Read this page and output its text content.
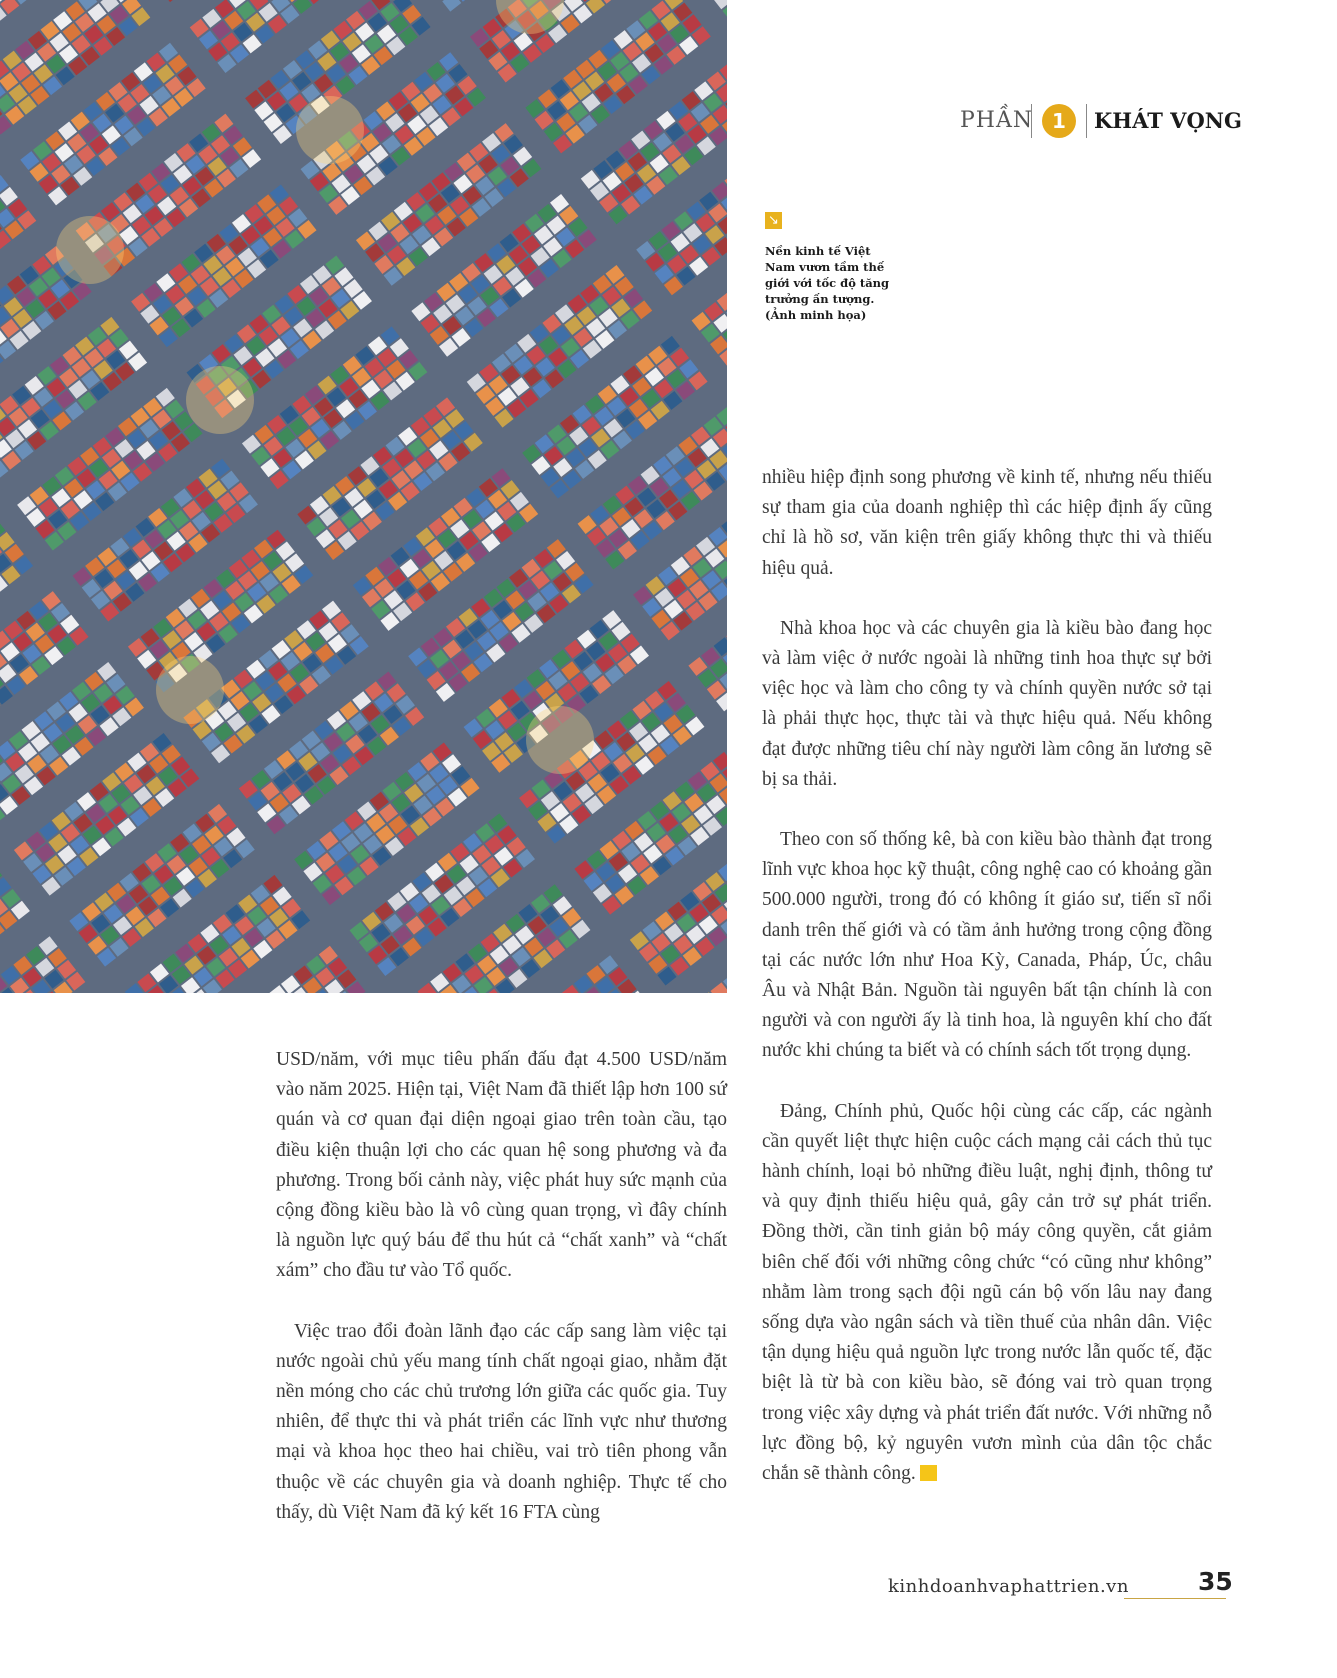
PHẦN 1	KHÁT VỌNG
↘
Nền kinh tế Việt Nam vươn tầm thế giới với tốc độ tăng trưởng ấn tượng. (Ảnh minh họa)

USD/năm, với mục tiêu phấn đấu đạt 4.500 USD/năm vào năm 2025. Hiện tại, Việt Nam đã thiết lập hơn 100 sứ quán và cơ quan đại diện ngoại giao trên toàn cầu, tạo điều kiện thuận lợi cho các quan hệ song phương và đa phương. Trong bối cảnh này, việc phát huy sức mạnh của cộng đồng kiều bào là vô cùng quan trọng, vì đây chính là nguồn lực quý báu để thu hút cả “chất xanh” và “chất xám” cho đầu tư vào Tổ quốc.

Việc trao đổi đoàn lãnh đạo các cấp sang làm việc tại nước ngoài chủ yếu mang tính chất ngoại giao, nhằm đặt nền móng cho các chủ trương lớn giữa các quốc gia. Tuy nhiên, để thực thi và phát triển các lĩnh vực như thương mại và khoa học theo hai chiều, vai trò tiên phong vẫn thuộc về các chuyên gia và doanh nghiệp. Thực tế cho thấy, dù Việt Nam đã ký kết 16 FTA cùng

nhiều hiệp định song phương về kinh tế, nhưng nếu thiếu sự tham gia của doanh nghiệp thì các hiệp định ấy cũng chỉ là hồ sơ, văn kiện trên giấy không thực thi và thiếu hiệu quả.

Nhà khoa học và các chuyên gia là kiều bào đang học và làm việc ở nước ngoài là những tinh hoa thực sự bởi việc học và làm cho công ty và chính quyền nước sở tại là phải thực học, thực tài và thực hiệu quả. Nếu không đạt được những tiêu chí này người làm công ăn lương sẽ bị sa thải.

Theo con số thống kê, bà con kiều bào thành đạt trong lĩnh vực khoa học kỹ thuật, công nghệ cao có khoảng gần 500.000 người, trong đó có không ít giáo sư, tiến sĩ nổi danh trên thế giới và có tầm ảnh hưởng trong cộng đồng tại các nước lớn như Hoa Kỳ, Canada, Pháp, Úc, châu Âu và Nhật Bản. Nguồn tài nguyên bất tận chính là con người và con người ấy là tinh hoa, là nguyên khí cho đất nước khi chúng ta biết và có chính sách tốt trọng dụng.

Đảng, Chính phủ, Quốc hội cùng các cấp, các ngành cần quyết liệt thực hiện cuộc cách mạng cải cách thủ tục hành chính, loại bỏ những điều luật, nghị định, thông tư và quy định thiếu hiệu quả, gây cản trở sự phát triển. Đồng thời, cần tinh giản bộ máy công quyền, cắt giảm biên chế đối với những công chức “có cũng như không” nhằm làm trong sạch đội ngũ cán bộ vốn lâu nay đang sống dựa vào ngân sách và tiền thuế của nhân dân. Việc tận dụng hiệu quả nguồn lực trong nước lẫn quốc tế, đặc biệt là từ bà con kiều bào, sẽ đóng vai trò quan trọng trong việc xây dựng và phát triển đất nước. Với những nỗ lực đồng bộ, kỷ nguyên vươn mình của dân tộc chắc chắn sẽ thành công.

kinhdoanhvaphattrien.vn	35
